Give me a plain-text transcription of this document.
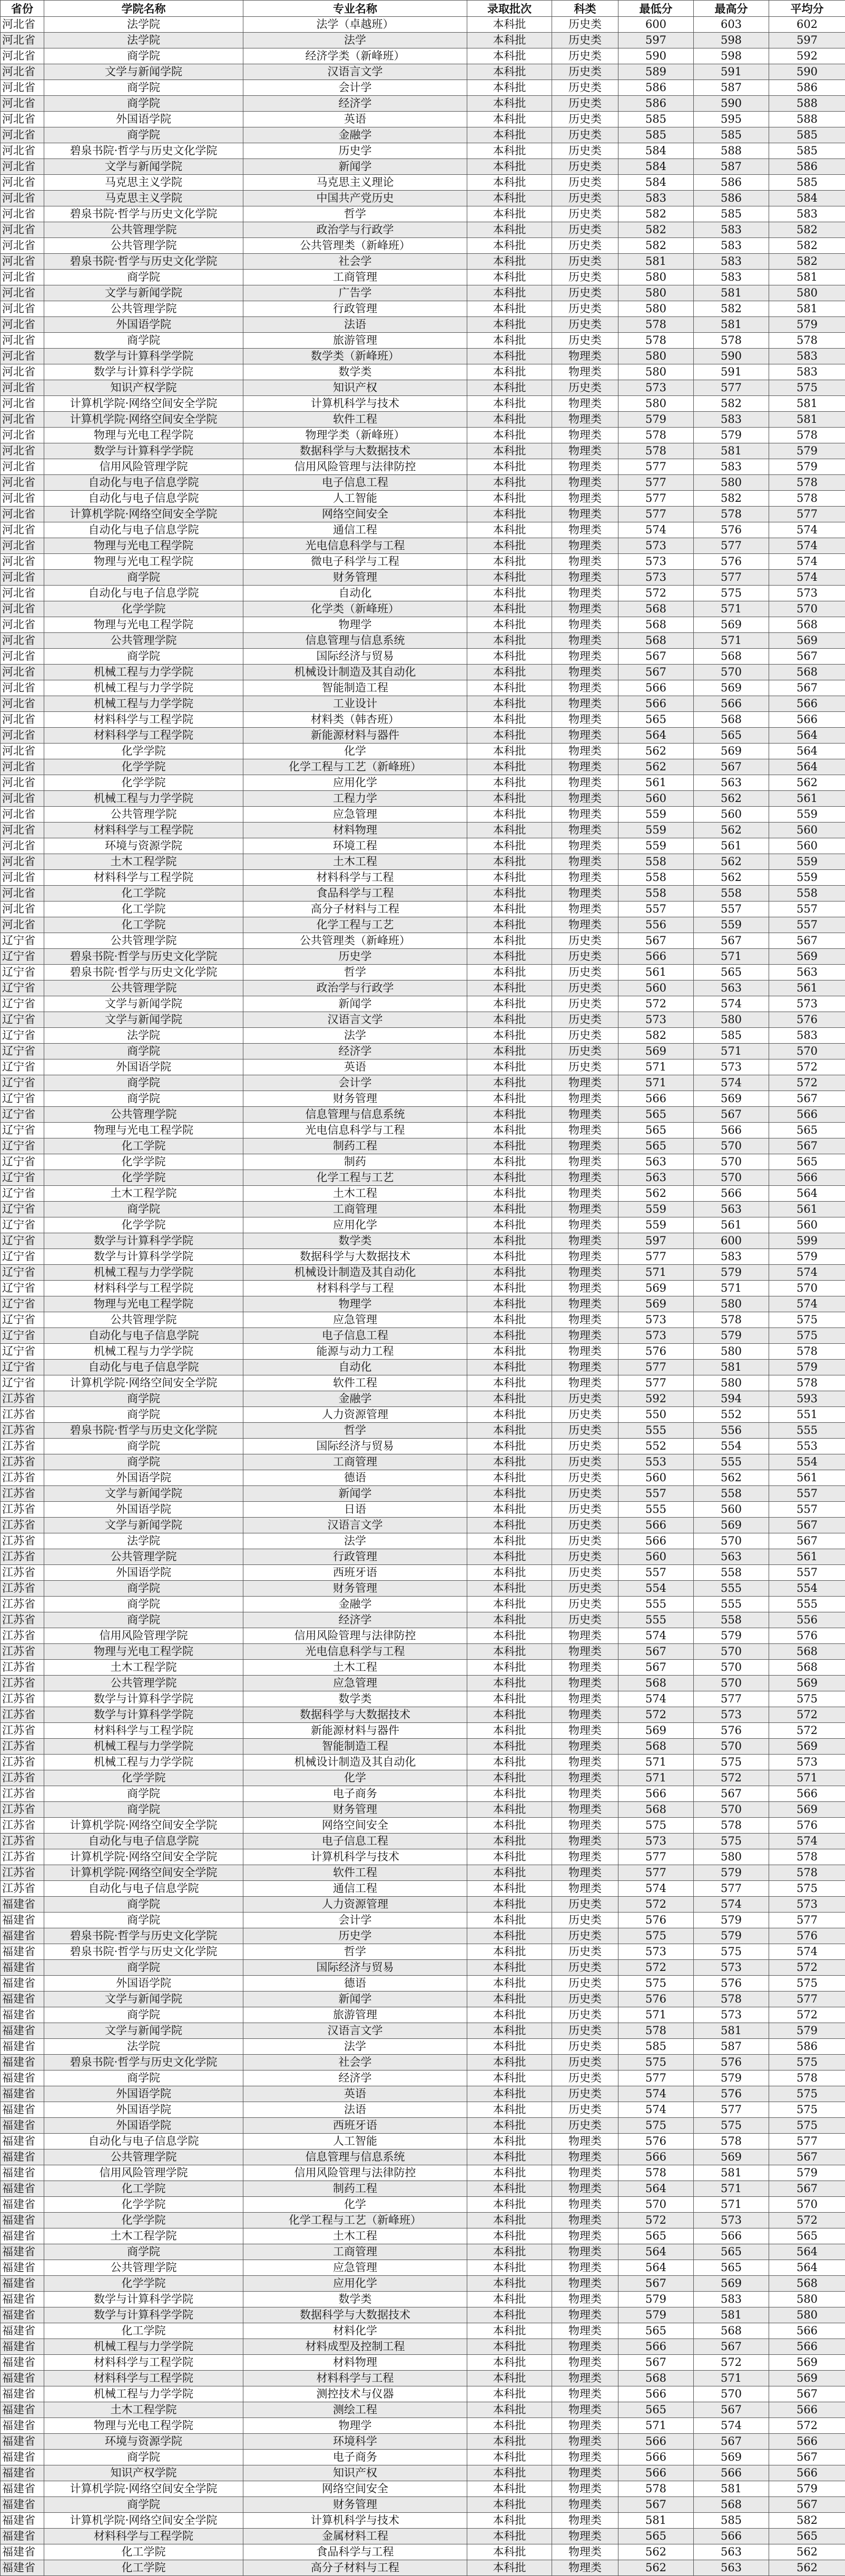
省份	学院名称	专业名称	录取批次	科类	最低分	最高分	平均分
河北省	法学院	法学（卓越班）	本科批	历史类	600	603	602
河北省	法学院	法学	本科批	历史类	597	598	597
河北省	商学院	经济学类（新峰班）	本科批	历史类	590	598	592
河北省	文学与新闻学院	汉语言文学	本科批	历史类	589	591	590
河北省	商学院	会计学	本科批	历史类	586	587	586
河北省	商学院	经济学	本科批	历史类	586	590	588
河北省	外国语学院	英语	本科批	历史类	585	595	588
河北省	商学院	金融学	本科批	历史类	585	585	585
河北省	碧泉书院·哲学与历史文化学院	历史学	本科批	历史类	584	588	585
河北省	文学与新闻学院	新闻学	本科批	历史类	584	587	586
河北省	马克思主义学院	马克思主义理论	本科批	历史类	584	586	585
河北省	马克思主义学院	中国共产党历史	本科批	历史类	583	586	584
河北省	碧泉书院·哲学与历史文化学院	哲学	本科批	历史类	582	585	583
河北省	公共管理学院	政治学与行政学	本科批	历史类	582	583	582
河北省	公共管理学院	公共管理类（新峰班）	本科批	历史类	582	583	582
河北省	碧泉书院·哲学与历史文化学院	社会学	本科批	历史类	581	583	582
河北省	商学院	工商管理	本科批	历史类	580	583	581
河北省	文学与新闻学院	广告学	本科批	历史类	580	581	580
河北省	公共管理学院	行政管理	本科批	历史类	580	582	581
河北省	外国语学院	法语	本科批	历史类	578	581	579
河北省	商学院	旅游管理	本科批	历史类	578	578	578
河北省	数学与计算科学学院	数学类（新峰班）	本科批	物理类	580	590	583
河北省	数学与计算科学学院	数学类	本科批	物理类	580	591	583
河北省	知识产权学院	知识产权	本科批	历史类	573	577	575
河北省	计算机学院·网络空间安全学院	计算机科学与技术	本科批	物理类	580	582	581
河北省	计算机学院·网络空间安全学院	软件工程	本科批	物理类	579	583	581
河北省	物理与光电工程学院	物理学类（新峰班）	本科批	物理类	578	579	578
河北省	数学与计算科学学院	数据科学与大数据技术	本科批	物理类	578	581	579
河北省	信用风险管理学院	信用风险管理与法律防控	本科批	物理类	577	583	579
河北省	自动化与电子信息学院	电子信息工程	本科批	物理类	577	580	578
河北省	自动化与电子信息学院	人工智能	本科批	物理类	577	582	578
河北省	计算机学院·网络空间安全学院	网络空间安全	本科批	物理类	577	578	577
河北省	自动化与电子信息学院	通信工程	本科批	物理类	574	576	574
河北省	物理与光电工程学院	光电信息科学与工程	本科批	物理类	573	577	574
河北省	物理与光电工程学院	微电子科学与工程	本科批	物理类	573	576	574
河北省	商学院	财务管理	本科批	物理类	573	577	574
河北省	自动化与电子信息学院	自动化	本科批	物理类	572	575	573
河北省	化学学院	化学类（新峰班）	本科批	物理类	568	571	570
河北省	物理与光电工程学院	物理学	本科批	物理类	568	569	568
河北省	公共管理学院	信息管理与信息系统	本科批	物理类	568	571	569
河北省	商学院	国际经济与贸易	本科批	物理类	567	568	567
河北省	机械工程与力学学院	机械设计制造及其自动化	本科批	物理类	567	570	568
河北省	机械工程与力学学院	智能制造工程	本科批	物理类	566	569	567
河北省	机械工程与力学学院	工业设计	本科批	物理类	566	566	566
河北省	材料科学与工程学院	材料类（韩杏班）	本科批	物理类	565	568	566
河北省	材料科学与工程学院	新能源材料与器件	本科批	物理类	564	565	564
河北省	化学学院	化学	本科批	物理类	562	569	564
河北省	化学学院	化学工程与工艺（新峰班）	本科批	物理类	562	567	564
河北省	化学学院	应用化学	本科批	物理类	561	563	562
河北省	机械工程与力学学院	工程力学	本科批	物理类	560	562	561
河北省	公共管理学院	应急管理	本科批	物理类	559	560	559
河北省	材料科学与工程学院	材料物理	本科批	物理类	559	562	560
河北省	环境与资源学院	环境工程	本科批	物理类	559	561	560
河北省	土木工程学院	土木工程	本科批	物理类	558	562	559
河北省	材料科学与工程学院	材料科学与工程	本科批	物理类	558	562	559
河北省	化工学院	食品科学与工程	本科批	物理类	558	558	558
河北省	化工学院	高分子材料与工程	本科批	物理类	557	557	557
河北省	化工学院	化学工程与工艺	本科批	物理类	556	559	557
辽宁省	公共管理学院	公共管理类（新峰班）	本科批	历史类	567	567	567
辽宁省	碧泉书院·哲学与历史文化学院	历史学	本科批	历史类	566	571	569
辽宁省	碧泉书院·哲学与历史文化学院	哲学	本科批	历史类	561	565	563
辽宁省	公共管理学院	政治学与行政学	本科批	历史类	560	563	561
辽宁省	文学与新闻学院	新闻学	本科批	历史类	572	574	573
辽宁省	文学与新闻学院	汉语言文学	本科批	历史类	573	580	576
辽宁省	法学院	法学	本科批	历史类	582	585	583
辽宁省	商学院	经济学	本科批	历史类	569	571	570
辽宁省	外国语学院	英语	本科批	历史类	571	573	572
辽宁省	商学院	会计学	本科批	物理类	571	574	572
辽宁省	商学院	财务管理	本科批	物理类	566	569	567
辽宁省	公共管理学院	信息管理与信息系统	本科批	物理类	565	567	566
辽宁省	物理与光电工程学院	光电信息科学与工程	本科批	物理类	565	566	565
辽宁省	化工学院	制药工程	本科批	物理类	565	570	567
辽宁省	化学学院	制药	本科批	物理类	563	570	565
辽宁省	化学学院	化学工程与工艺	本科批	物理类	563	570	566
辽宁省	土木工程学院	土木工程	本科批	物理类	562	566	564
辽宁省	商学院	工商管理	本科批	物理类	559	563	561
辽宁省	化学学院	应用化学	本科批	物理类	559	561	560
辽宁省	数学与计算科学学院	数学类	本科批	物理类	597	600	599
辽宁省	数学与计算科学学院	数据科学与大数据技术	本科批	物理类	577	583	579
辽宁省	机械工程与力学学院	机械设计制造及其自动化	本科批	物理类	571	579	574
辽宁省	材料科学与工程学院	材料科学与工程	本科批	物理类	569	571	570
辽宁省	物理与光电工程学院	物理学	本科批	物理类	569	580	574
辽宁省	公共管理学院	应急管理	本科批	物理类	573	578	575
辽宁省	自动化与电子信息学院	电子信息工程	本科批	物理类	573	579	575
辽宁省	机械工程与力学学院	能源与动力工程	本科批	物理类	576	580	578
辽宁省	自动化与电子信息学院	自动化	本科批	物理类	577	581	579
辽宁省	计算机学院·网络空间安全学院	软件工程	本科批	物理类	577	580	578
江苏省	商学院	金融学	本科批	历史类	592	594	593
江苏省	商学院	人力资源管理	本科批	历史类	550	552	551
江苏省	碧泉书院·哲学与历史文化学院	哲学	本科批	历史类	555	556	555
江苏省	商学院	国际经济与贸易	本科批	历史类	552	554	553
江苏省	商学院	工商管理	本科批	历史类	553	555	554
江苏省	外国语学院	德语	本科批	历史类	560	562	561
江苏省	文学与新闻学院	新闻学	本科批	历史类	557	558	557
江苏省	外国语学院	日语	本科批	历史类	555	560	557
江苏省	文学与新闻学院	汉语言文学	本科批	历史类	566	569	567
江苏省	法学院	法学	本科批	历史类	566	570	567
江苏省	公共管理学院	行政管理	本科批	历史类	560	563	561
江苏省	外国语学院	西班牙语	本科批	历史类	557	558	557
江苏省	商学院	财务管理	本科批	历史类	554	555	554
江苏省	商学院	金融学	本科批	历史类	555	555	555
江苏省	商学院	经济学	本科批	历史类	555	558	556
江苏省	信用风险管理学院	信用风险管理与法律防控	本科批	物理类	574	579	576
江苏省	物理与光电工程学院	光电信息科学与工程	本科批	物理类	567	570	568
江苏省	土木工程学院	土木工程	本科批	物理类	567	570	568
江苏省	公共管理学院	应急管理	本科批	物理类	568	570	569
江苏省	数学与计算科学学院	数学类	本科批	物理类	574	577	575
江苏省	数学与计算科学学院	数据科学与大数据技术	本科批	物理类	572	573	572
江苏省	材料科学与工程学院	新能源材料与器件	本科批	物理类	569	576	572
江苏省	机械工程与力学学院	智能制造工程	本科批	物理类	568	570	569
江苏省	机械工程与力学学院	机械设计制造及其自动化	本科批	物理类	571	575	573
江苏省	化学学院	化学	本科批	物理类	571	572	571
江苏省	商学院	电子商务	本科批	物理类	566	567	566
江苏省	商学院	财务管理	本科批	物理类	568	570	569
江苏省	计算机学院·网络空间安全学院	网络空间安全	本科批	物理类	575	578	576
江苏省	自动化与电子信息学院	电子信息工程	本科批	物理类	573	575	574
江苏省	计算机学院·网络空间安全学院	计算机科学与技术	本科批	物理类	577	580	578
江苏省	计算机学院·网络空间安全学院	软件工程	本科批	物理类	577	579	578
江苏省	自动化与电子信息学院	通信工程	本科批	物理类	574	577	575
福建省	商学院	人力资源管理	本科批	历史类	572	574	573
福建省	商学院	会计学	本科批	历史类	576	579	577
福建省	碧泉书院·哲学与历史文化学院	历史学	本科批	历史类	575	579	576
福建省	碧泉书院·哲学与历史文化学院	哲学	本科批	历史类	573	575	574
福建省	商学院	国际经济与贸易	本科批	历史类	572	573	572
福建省	外国语学院	德语	本科批	历史类	575	576	575
福建省	文学与新闻学院	新闻学	本科批	历史类	576	578	577
福建省	商学院	旅游管理	本科批	历史类	571	573	572
福建省	文学与新闻学院	汉语言文学	本科批	历史类	578	581	579
福建省	法学院	法学	本科批	历史类	585	587	586
福建省	碧泉书院·哲学与历史文化学院	社会学	本科批	历史类	575	576	575
福建省	商学院	经济学	本科批	历史类	577	579	578
福建省	外国语学院	英语	本科批	历史类	574	576	575
福建省	外国语学院	法语	本科批	历史类	574	577	575
福建省	外国语学院	西班牙语	本科批	历史类	575	575	575
福建省	自动化与电子信息学院	人工智能	本科批	物理类	576	578	577
福建省	公共管理学院	信息管理与信息系统	本科批	物理类	566	569	567
福建省	信用风险管理学院	信用风险管理与法律防控	本科批	物理类	578	581	579
福建省	化工学院	制药工程	本科批	物理类	564	571	567
福建省	化学学院	化学	本科批	物理类	570	571	570
福建省	化学学院	化学工程与工艺（新峰班）	本科批	物理类	572	573	572
福建省	土木工程学院	土木工程	本科批	物理类	565	566	565
福建省	商学院	工商管理	本科批	物理类	564	565	564
福建省	公共管理学院	应急管理	本科批	物理类	564	565	564
福建省	化学学院	应用化学	本科批	物理类	567	569	568
福建省	数学与计算科学学院	数学类	本科批	物理类	579	583	580
福建省	数学与计算科学学院	数据科学与大数据技术	本科批	物理类	579	581	580
福建省	化工学院	材料化学	本科批	物理类	565	568	566
福建省	机械工程与力学学院	材料成型及控制工程	本科批	物理类	566	567	566
福建省	材料科学与工程学院	材料物理	本科批	物理类	567	572	569
福建省	材料科学与工程学院	材料科学与工程	本科批	物理类	568	571	569
福建省	机械工程与力学学院	测控技术与仪器	本科批	物理类	566	570	567
福建省	土木工程学院	测绘工程	本科批	物理类	565	567	566
福建省	物理与光电工程学院	物理学	本科批	物理类	571	574	572
福建省	环境与资源学院	环境科学	本科批	物理类	566	567	566
福建省	商学院	电子商务	本科批	物理类	566	569	567
福建省	知识产权学院	知识产权	本科批	物理类	566	566	566
福建省	计算机学院·网络空间安全学院	网络空间安全	本科批	物理类	578	581	579
福建省	商学院	财务管理	本科批	物理类	567	568	567
福建省	计算机学院·网络空间安全学院	计算机科学与技术	本科批	物理类	581	585	582
福建省	材料科学与工程学院	金属材料工程	本科批	物理类	565	566	565
福建省	化工学院	食品科学与工程	本科批	物理类	562	563	562
福建省	化工学院	高分子材料与工程	本科批	物理类	562	563	562
